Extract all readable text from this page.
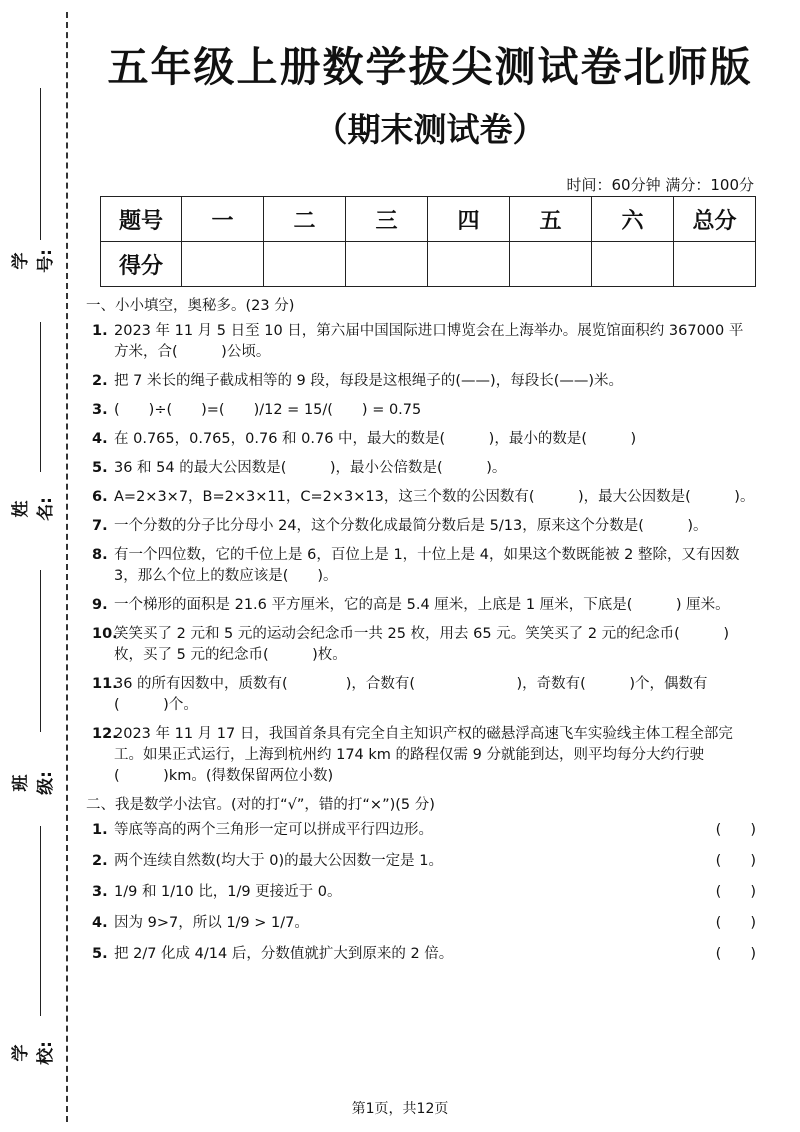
学号:
姓名:
班级:
学校:
五年级上册数学拔尖测试卷北师版
（期末测试卷）
时间：60分钟 满分：100分
题号	一	二	三	四	五	六	总分
得分							
一、小小填空，奥秘多。(23 分)
1. 2023 年 11 月 5 日至 10 日，第六届中国国际进口博览会在上海举办。展览馆面积约 367000 平方米，合(　　　)公顷。
2. 把 7 米长的绳子截成相等的 9 段，每段是这根绳子的(——)，每段长(——)米。
3. (　　)÷(　　)=(　　)/12 = 15/(　　) = 0.75
4. 在 0.765，0.765，0.76 和 0.76 中，最大的数是(　　　)，最小的数是(　　　)
5. 36 和 54 的最大公因数是(　　　)，最小公倍数是(　　　)。
6. A=2×3×7，B=2×3×11，C=2×3×13，这三个数的公因数有(　　　)，最大公因数是(　　　)。
7. 一个分数的分子比分母小 24，这个分数化成最简分数后是 5/13，原来这个分数是(　　　)。
8. 有一个四位数，它的千位上是 6，百位上是 1，十位上是 4，如果这个数既能被 2 整除，又有因数 3，那么个位上的数应该是(　　)。
9. 一个梯形的面积是 21.6 平方厘米，它的高是 5.4 厘米，上底是 1 厘米，下底是(　　　) 厘米。
10.
笑笑买了 2 元和 5 元的运动会纪念币一共 25 枚，用去 65 元。笑笑买了 2 元的纪念币(　　　)枚，买了 5 元的纪念币(　　　)枚。
11.
36 的所有因数中，质数有(　　　　)，合数有(　　　　　　　)，奇数有(　　　)个，偶数有(　　　)个。
12.
2023 年 11 月 17 日，我国首条具有完全自主知识产权的磁悬浮高速飞车实验线主体工程全部完工。如果正式运行，上海到杭州约 174 km 的路程仅需 9 分就能到达，则平均每分大约行驶(　　　)km。(得数保留两位小数)
二、我是数学小法官。(对的打“√”，错的打“×”)(5 分)
1. 等底等高的两个三角形一定可以拼成平行四边形。	(　　)
2. 两个连续自然数(均大于 0)的最大公因数一定是 1。	(　　)
3. 1/9 和 1/10 比，1/9 更接近于 0。	(　　)
4. 因为 9>7，所以 1/9 > 1/7。	(　　)
5. 把 2/7 化成 4/14 后，分数值就扩大到原来的 2 倍。	(　　)
第1页，共12页
